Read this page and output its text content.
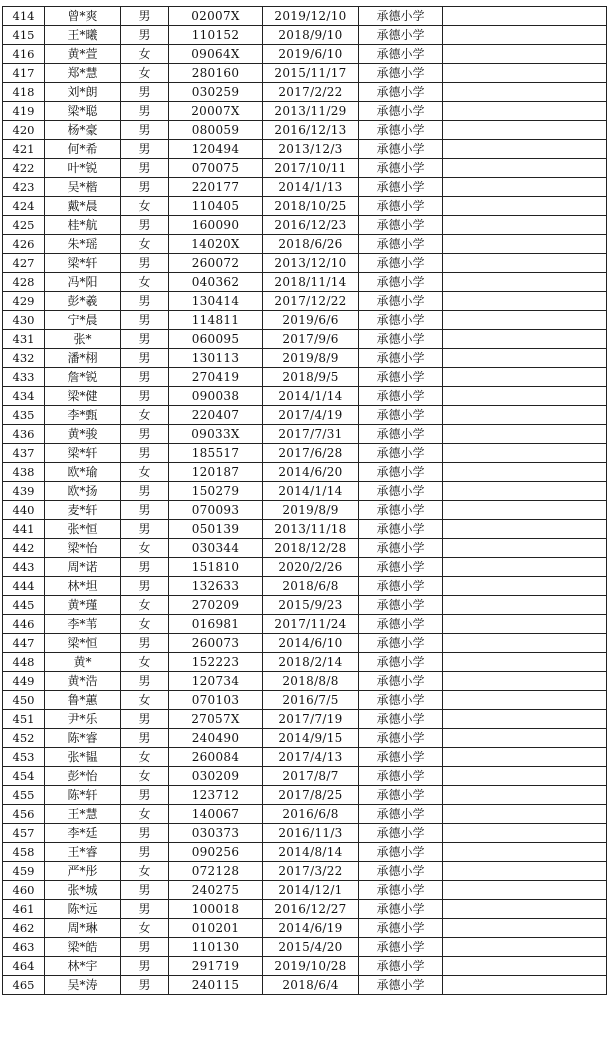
414	曾*爽	男	02007X	2019/12/10	承德小学	
415	王*曦	男	110152	2018/9/10	承德小学	
416	黄*萱	女	09064X	2019/6/10	承德小学	
417	郑*慧	女	280160	2015/11/17	承德小学	
418	刘*朗	男	030259	2017/2/22	承德小学	
419	梁*聪	男	20007X	2013/11/29	承德小学	
420	杨*豪	男	080059	2016/12/13	承德小学	
421	何*希	男	120494	2013/12/3	承德小学	
422	叶*锐	男	070075	2017/10/11	承德小学	
423	吴*楷	男	220177	2014/1/13	承德小学	
424	戴*晨	女	110405	2018/10/25	承德小学	
425	桂*航	男	160090	2016/12/23	承德小学	
426	朱*瑶	女	14020X	2018/6/26	承德小学	
427	梁*轩	男	260072	2013/12/10	承德小学	
428	冯*阳	女	040362	2018/11/14	承德小学	
429	彭*羲	男	130414	2017/12/22	承德小学	
430	宁*晨	男	114811	2019/6/6	承德小学	
431	张*	男	060095	2017/9/6	承德小学	
432	潘*栩	男	130113	2019/8/9	承德小学	
433	詹*锐	男	270419	2018/9/5	承德小学	
434	梁*健	男	090038	2014/1/14	承德小学	
435	李*甄	女	220407	2017/4/19	承德小学	
436	黄*骏	男	09033X	2017/7/31	承德小学	
437	梁*轩	男	185517	2017/6/28	承德小学	
438	欧*瑜	女	120187	2014/6/20	承德小学	
439	欧*扬	男	150279	2014/1/14	承德小学	
440	麦*轩	男	070093	2019/8/9	承德小学	
441	张*恒	男	050139	2013/11/18	承德小学	
442	梁*怡	女	030344	2018/12/28	承德小学	
443	周*诺	男	151810	2020/2/26	承德小学	
444	林*坦	男	132633	2018/6/8	承德小学	
445	黄*瑾	女	270209	2015/9/23	承德小学	
446	李*苇	女	016981	2017/11/24	承德小学	
447	梁*恒	男	260073	2014/6/10	承德小学	
448	黄*	女	152223	2018/2/14	承德小学	
449	黄*浩	男	120734	2018/8/8	承德小学	
450	鲁*蕙	女	070103	2016/7/5	承德小学	
451	尹*乐	男	27057X	2017/7/19	承德小学	
452	陈*睿	男	240490	2014/9/15	承德小学	
453	张*韫	女	260084	2017/4/13	承德小学	
454	彭*怡	女	030209	2017/8/7	承德小学	
455	陈*轩	男	123712	2017/8/25	承德小学	
456	王*慧	女	140067	2016/6/8	承德小学	
457	李*廷	男	030373	2016/11/3	承德小学	
458	王*睿	男	090256	2014/8/14	承德小学	
459	严*彤	女	072128	2017/3/22	承德小学	
460	张*城	男	240275	2014/12/1	承德小学	
461	陈*远	男	100018	2016/12/27	承德小学	
462	周*琳	女	010201	2014/6/19	承德小学	
463	梁*皓	男	110130	2015/4/20	承德小学	
464	林*宇	男	291719	2019/10/28	承德小学	
465	吴*涛	男	240115	2018/6/4	承德小学	
